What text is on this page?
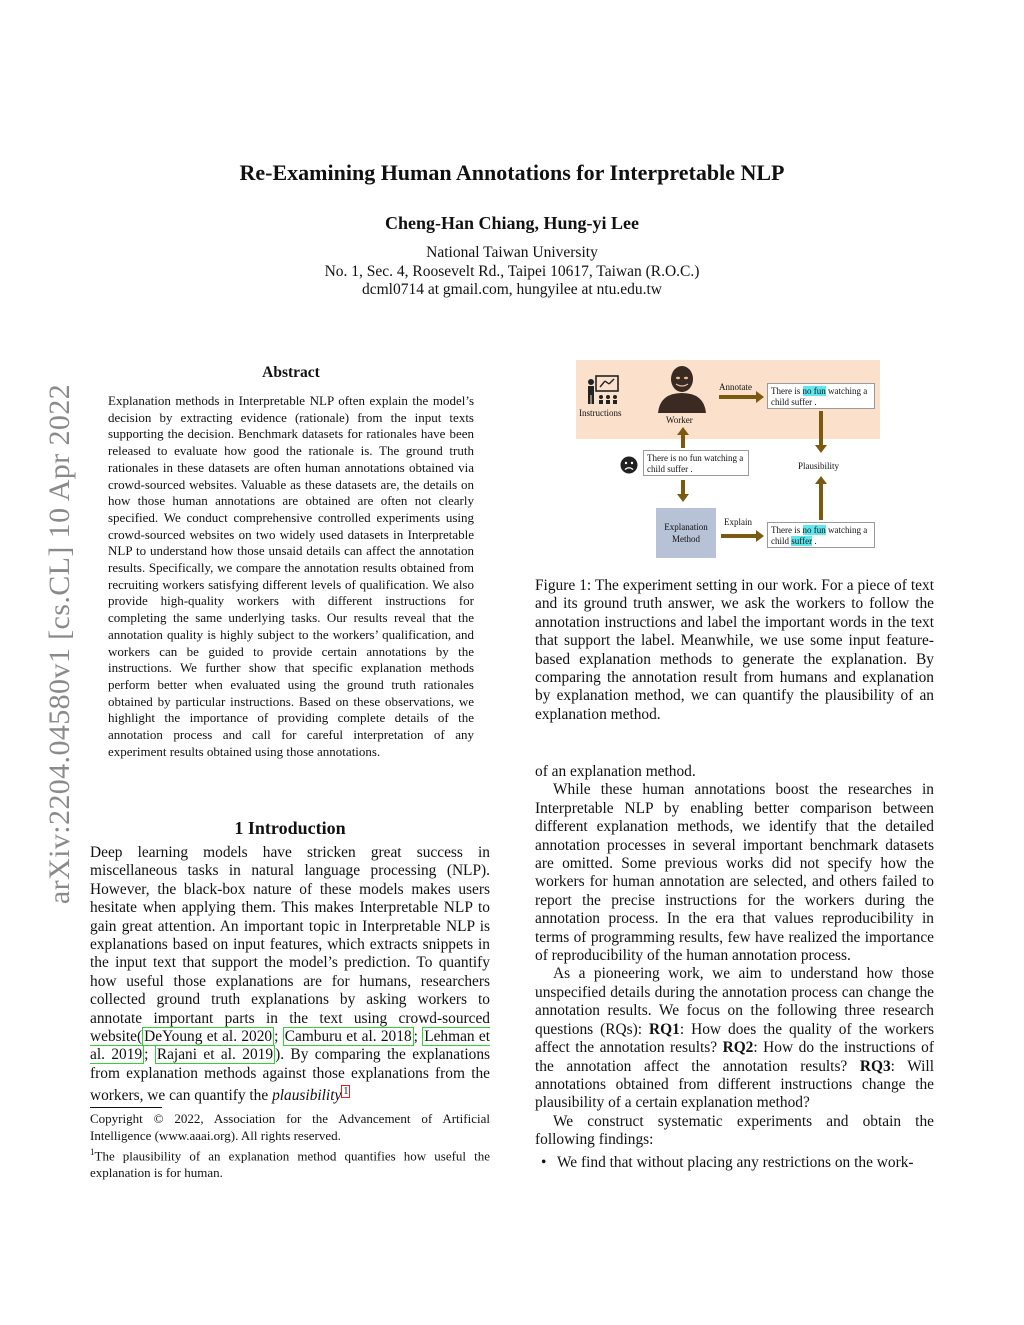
arXiv:2204.04580v1 [cs.CL] 10 Apr 2022
Re-Examining Human Annotations for Interpretable NLP
Cheng-Han Chiang, Hung-yi Lee
National Taiwan University
No. 1, Sec. 4, Roosevelt Rd., Taipei 10617, Taiwan (R.O.C.)
dcml0714 at gmail.com, hungyilee at ntu.edu.tw
Abstract
Explanation methods in Interpretable NLP often explain the model’s decision by extracting evidence (rationale) from the input texts supporting the decision. Benchmark datasets for rationales have been released to evaluate how good the rationale is. The ground truth rationales in these datasets are often human annotations obtained via crowd-sourced websites. Valuable as these datasets are, the details on how those human annotations are obtained are often not clearly specified. We conduct comprehensive controlled experiments using crowd-sourced websites on two widely used datasets in Interpretable NLP to understand how those unsaid details can affect the annotation results. Specifically, we compare the annotation results obtained from recruiting workers satisfying different levels of qualification. We also provide high-quality workers with different instructions for completing the same underlying tasks. Our results reveal that the annotation quality is highly subject to the workers’ qualification, and workers can be guided to provide certain annotations by the instructions. We further show that specific explanation methods perform better when evaluated using the ground truth rationales obtained by particular instructions. Based on these observations, we highlight the importance of providing complete details of the annotation process and call for careful interpretation of any experiment results obtained using those annotations.
1 Introduction
Deep learning models have stricken great success in miscellaneous tasks in natural language processing (NLP). However, the black-box nature of these models makes users hesitate when applying them. This makes Interpretable NLP to gain great attention. An important topic in Interpretable NLP is explanations based on input features, which extracts snippets in the input text that support the model’s prediction. To quantify how useful those explanations are for humans, researchers collected ground truth explanations by asking workers to annotate important parts in the text using crowd-sourced website( DeYoung et al. 2020 ; Camburu et al. 2018 ; Lehman et al. 2019 ; Rajani et al. 2019 ). By comparing the explanations from explanation methods against those explanations from the workers, we can quantify the plausibility $^1$

Copyright © 2022, Association for the Advancement of Artificial Intelligence (www.aaai.org). All rights reserved.

$^1$The plausibility of an explanation method quantifies how useful the explanation is for human.

Instructions
Worker
Annotate	There is no fun watching a child suffer .
Plausibility
There is no fun watching a child suffer .
Explanation Method
Explain
There is no fun watching a child suffer .
Figure 1: The experiment setting in our work. For a piece of text and its ground truth answer, we ask the workers to follow the annotation instructions and label the important words in the text that support the label. Meanwhile, we use some input feature-based explanation methods to generate the explanation. By comparing the annotation result from humans and explanation by explanation method, we can quantify the plausibility of an explanation method.

of an explanation method.

While these human annotations boost the researches in Interpretable NLP by enabling better comparison between different explanation methods, we identify that the detailed annotation processes in several important benchmark datasets are omitted. Some previous works did not specify how the workers for human annotation are selected, and others failed to report the precise instructions for the workers during the annotation process. In the era that values reproducibility in terms of programming results, few have realized the importance of reproducibility of the human annotation process.

As a pioneering work, we aim to understand how those unspecified details during the annotation process can change the annotation results. We focus on the following three research questions (RQs): RQ1: How does the quality of the workers affect the annotation results? RQ2: How do the instructions of the annotation affect the annotation results? RQ3: Will annotations obtained from different instructions change the plausibility of a certain explanation method?

We construct systematic experiments and obtain the following findings:

• We find that without placing any restrictions on the work-
